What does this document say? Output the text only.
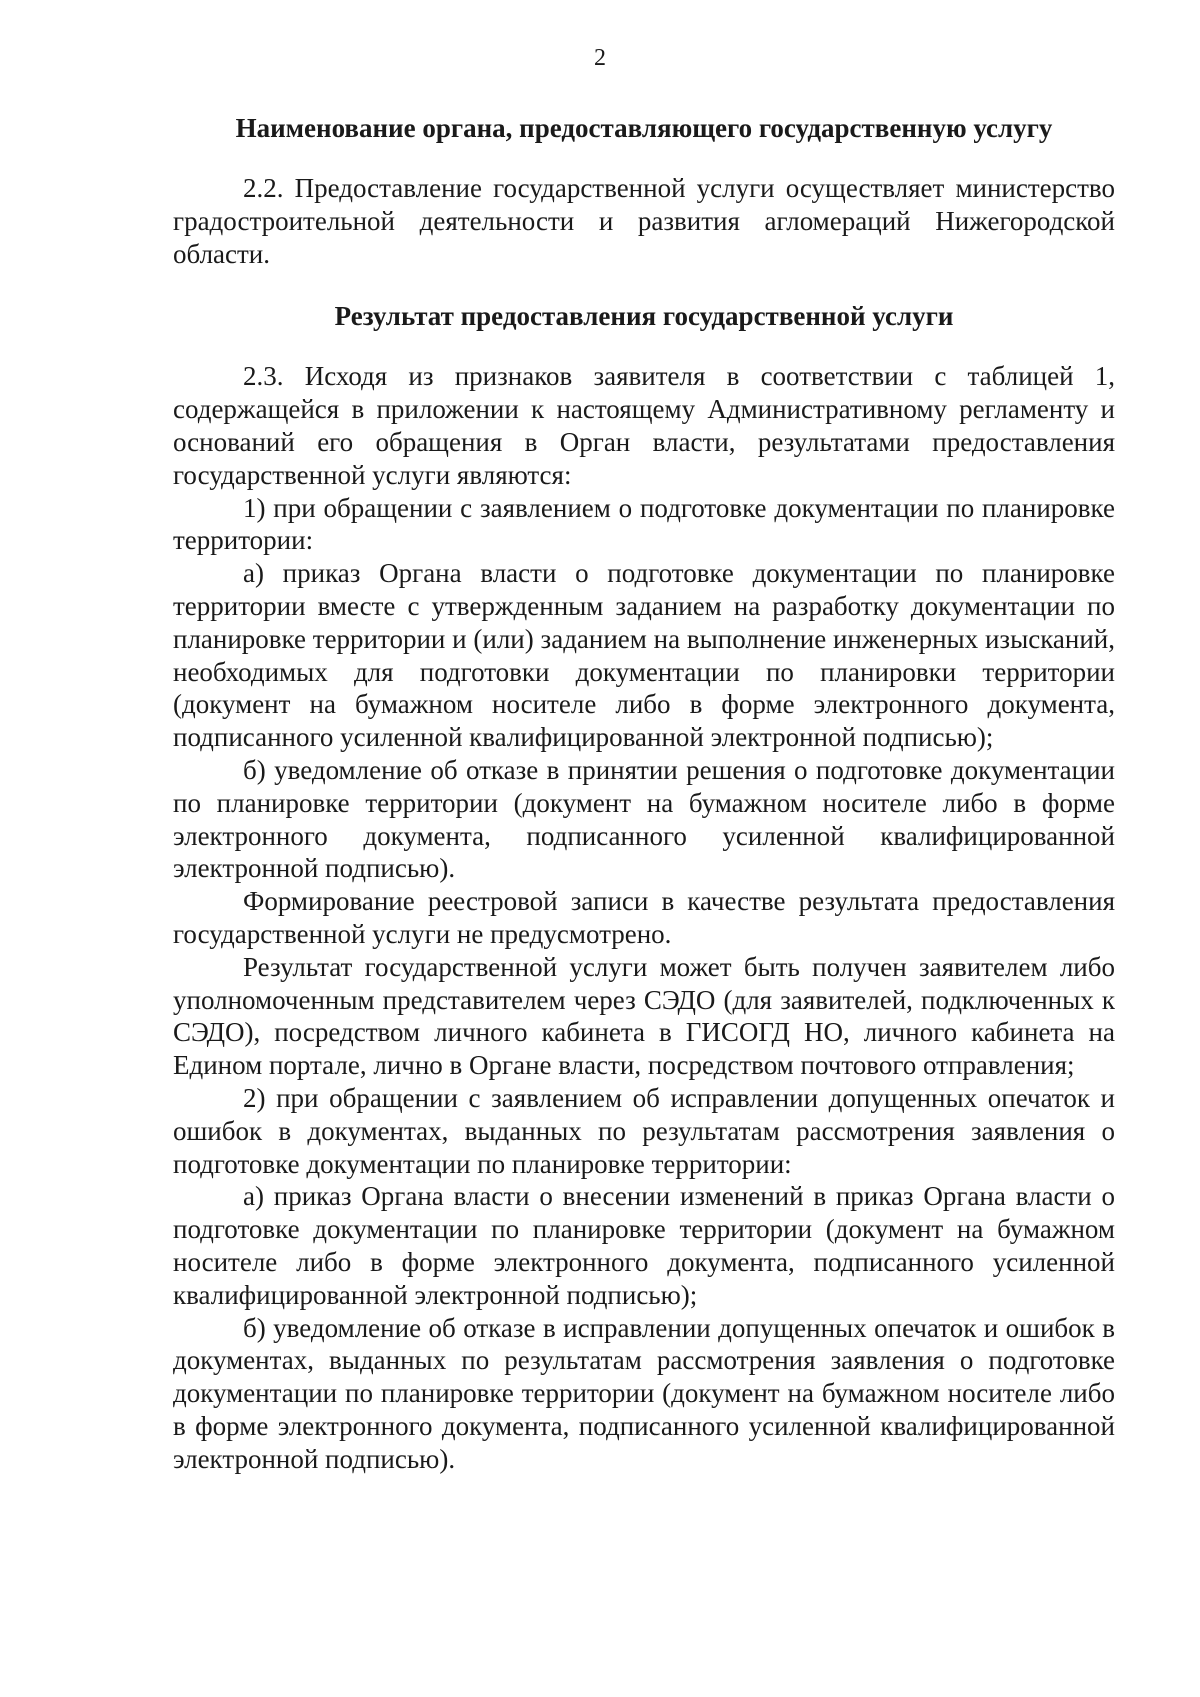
2
Наименование органа, предоставляющего государственную услугу

2.2. Предоставление государственной услуги осуществляет министерство градостроительной деятельности и развития агломераций Нижегородской области.

Результат предоставления государственной услуги

2.3. Исходя из признаков заявителя в соответствии с таблицей 1, содержащейся в приложении к настоящему Административному регламенту и оснований его обращения в Орган власти, результатами предоставления государственной услуги являются:

1) при обращении с заявлением о подготовке документации по планировке территории:

а) приказ Органа власти о подготовке документации по планировке территории вместе с утвержденным заданием на разработку документации по планировке территории и (или) заданием на выполнение инженерных изысканий, необходимых для подготовки документации по планировки территории (документ на бумажном носителе либо в форме электронного документа, подписанного усиленной квалифицированной электронной подписью);

б) уведомление об отказе в принятии решения о подготовке документации по планировке территории (документ на бумажном носителе либо в форме электронного документа, подписанного усиленной квалифицированной электронной подписью).

Формирование реестровой записи в качестве результата предоставления государственной услуги не предусмотрено.

Результат государственной услуги может быть получен заявителем либо уполномоченным представителем через СЭДО (для заявителей, подключенных к СЭДО), посредством личного кабинета в ГИСОГД НО, личного кабинета на Едином портале, лично в Органе власти, посредством почтового отправления;

2) при обращении с заявлением об исправлении допущенных опечаток и ошибок в документах, выданных по результатам рассмотрения заявления о подготовке документации по планировке территории:

а) приказ Органа власти о внесении изменений в приказ Органа власти о подготовке документации по планировке территории (документ на бумажном носителе либо в форме электронного документа, подписанного усиленной квалифицированной электронной подписью);

б) уведомление об отказе в исправлении допущенных опечаток и ошибок в документах, выданных по результатам рассмотрения заявления о подготовке документации по планировке территории (документ на бумажном носителе либо в форме электронного документа, подписанного усиленной квалифицированной электронной подписью).
